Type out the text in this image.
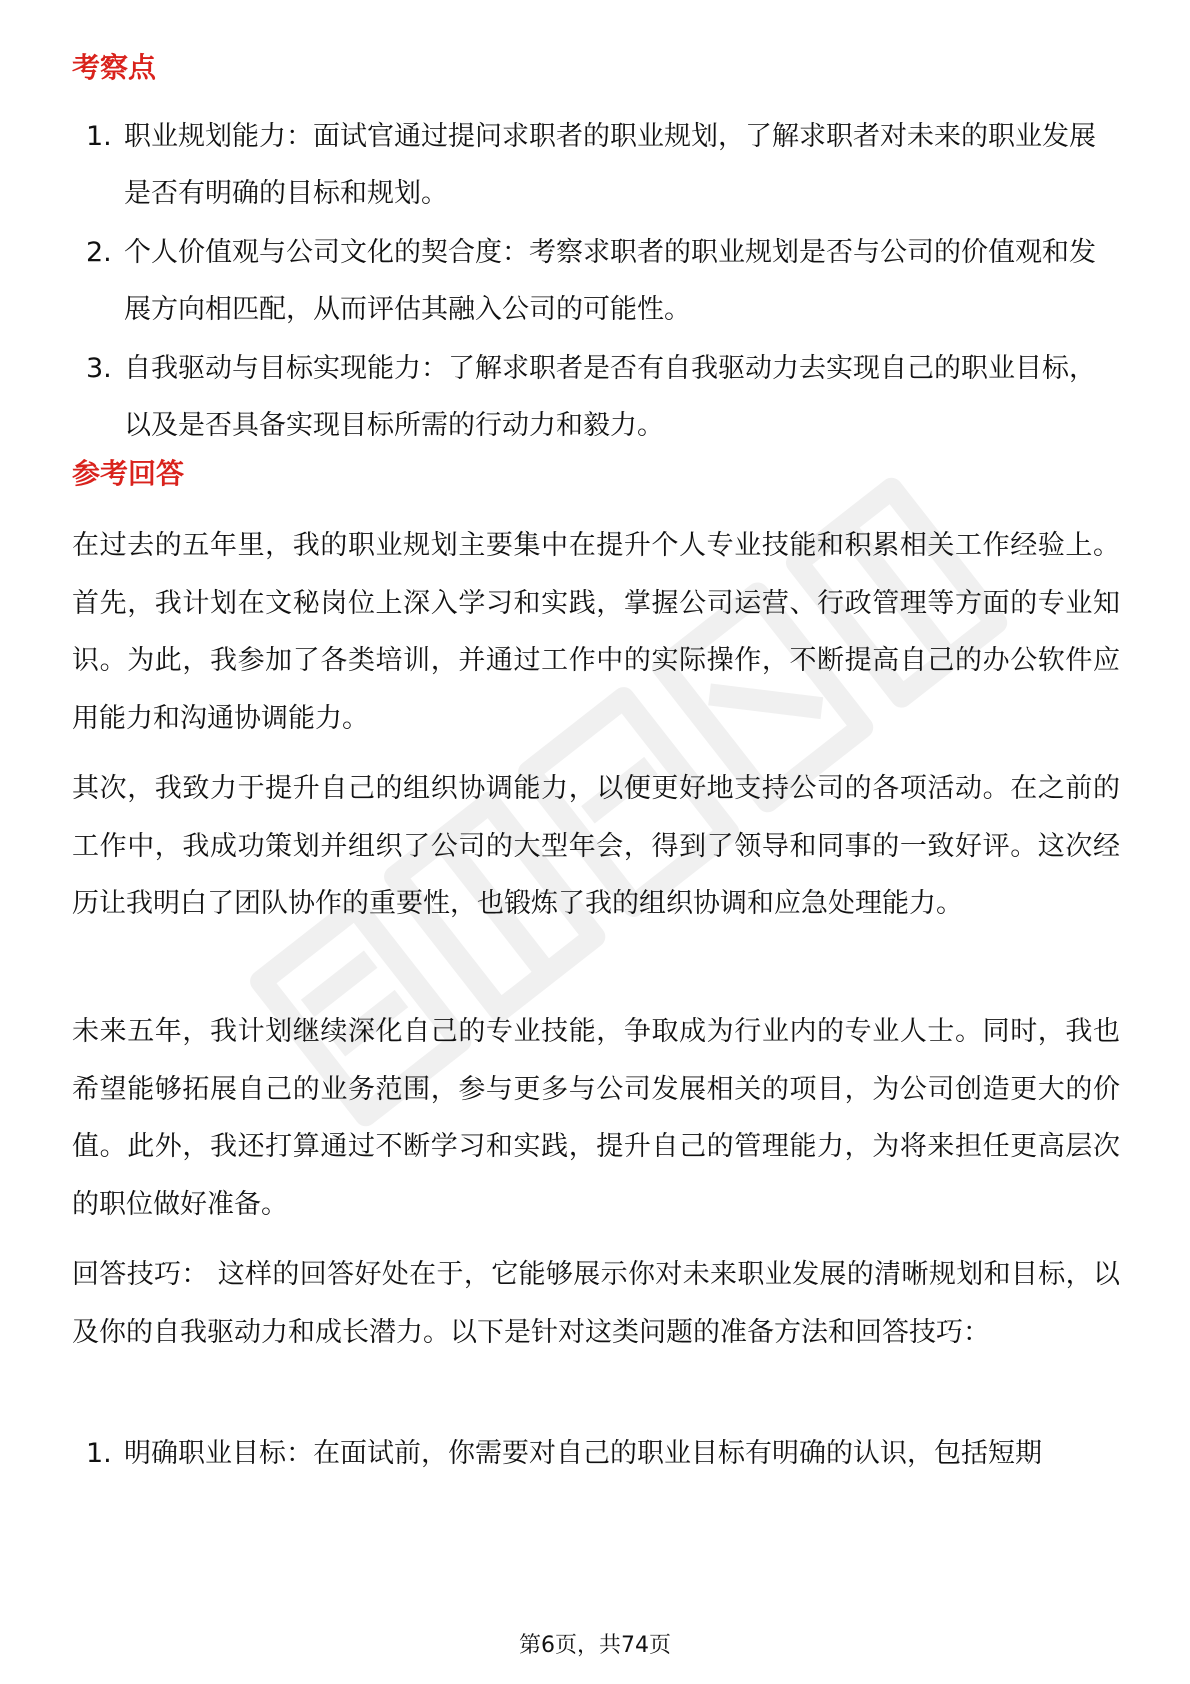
考察点
1. 职业规划能力：面试官通过提问求职者的职业规划，了解求职者对未来的职业发展是否有明确的目标和规划。
2. 个人价值观与公司文化的契合度：考察求职者的职业规划是否与公司的价值观和发展方向相匹配，从而评估其融入公司的可能性。
3. 自我驱动与目标实现能力：了解求职者是否有自我驱动力去实现自己的职业目标，以及是否具备实现目标所需的行动力和毅力。
参考回答

在过去的五年里，我的职业规划主要集中在提升个人专业技能和积累相关工作经验上。首先，我计划在文秘岗位上深入学习和实践，掌握公司运营、行政管理等方面的专业知识。为此，我参加了各类培训，并通过工作中的实际操作，不断提高自己的办公软件应用能力和沟通协调能力。

其次，我致力于提升自己的组织协调能力，以便更好地支持公司的各项活动。在之前的工作中，我成功策划并组织了公司的大型年会，得到了领导和同事的一致好评。这次经历让我明白了团队协作的重要性，也锻炼了我的组织协调和应急处理能力。

未来五年，我计划继续深化自己的专业技能，争取成为行业内的专业人士。同时，我也希望能够拓展自己的业务范围，参与更多与公司发展相关的项目，为公司创造更大的价值。此外，我还打算通过不断学习和实践，提升自己的管理能力，为将来担任更高层次的职位做好准备。

回答技巧： 这样的回答好处在于，它能够展示你对未来职业发展的清晰规划和目标，以及你的自我驱动力和成长潜力。以下是针对这类问题的准备方法和回答技巧：

1. 明确职业目标：在面试前，你需要对自己的职业目标有明确的认识，包括短期
第6页，共74页
